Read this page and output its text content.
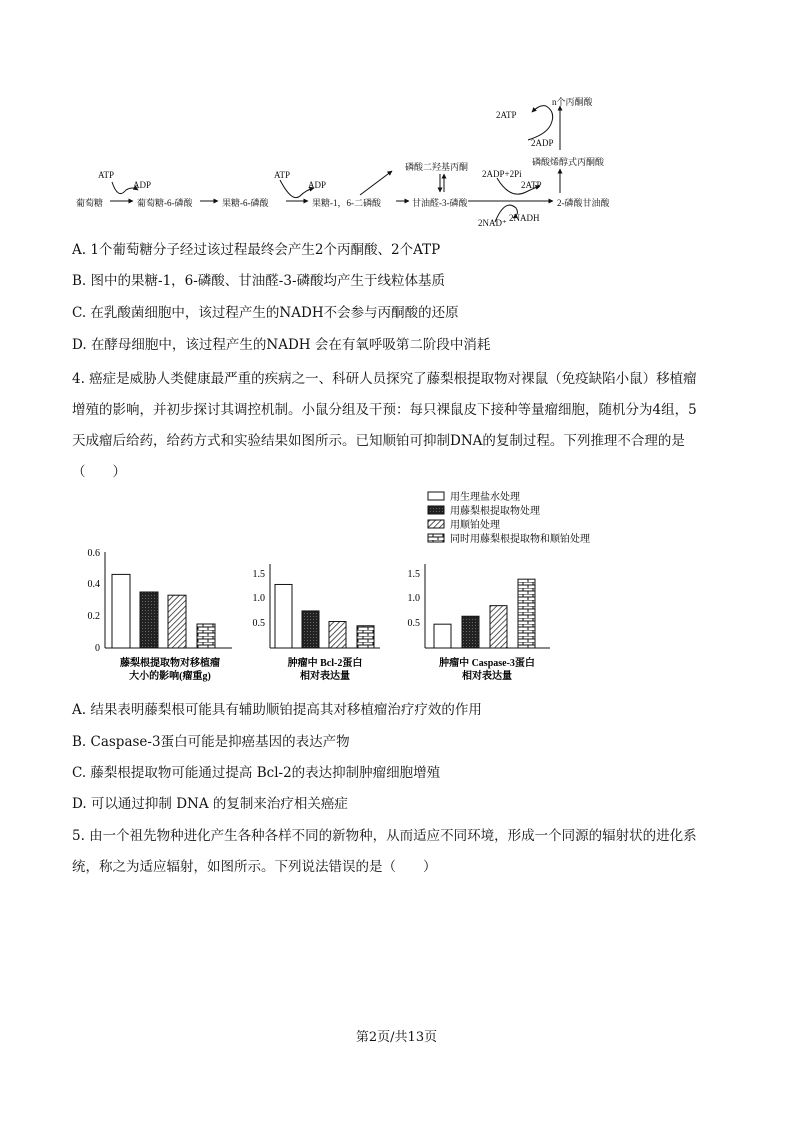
葡萄糖	葡萄糖-6-磷酸	果糖-6-磷酸	果糖-1，6-二磷酸	甘油醛-3-磷酸
磷酸二羟基丙酮
2-磷酸甘油酸
磷酸烯醇式丙酮酸
n个丙酮酸
ATP
ADP
ATP
ADP
2ADP+2Pi
2ATP
2NAD⁺ 2NADH
2ATP
2ADP
A. 1个葡萄糖分子经过该过程最终会产生2个丙酮酸、2个ATP
B. 图中的果糖-1，6-磷酸、甘油醛-3-磷酸均产生于线粒体基质
C. 在乳酸菌细胞中，该过程产生的NADH不会参与丙酮酸的还原
D. 在酵母细胞中，该过程产生的NADH 会在有氧呼吸第二阶段中消耗
4. 癌症是威胁人类健康最严重的疾病之一、科研人员探究了藤梨根提取物对裸鼠（免疫缺陷小鼠）移植瘤
增殖的影响，并初步探讨其调控机制。小鼠分组及干预：每只裸鼠皮下接种等量瘤细胞，随机分为4组，5
天成瘤后给药，给药方式和实验结果如图所示。已知顺铂可抑制DNA的复制过程。下列推理不合理的是
（　　）
用生理盐水处理
用藤梨根提取物处理
用顺铂处理
同时用藤梨根提取物和顺铂处理
0.6
0.4
0.2
0
藤梨根提取物对移植瘤
大小的影响(瘤重g)
1.5
1.0
0.5
肿瘤中 Bcl-2蛋白
相对表达量
1.5
1.0
0.5
肿瘤中 Caspase-3蛋白
相对表达量
A. 结果表明藤梨根可能具有辅助顺铂提高其对移植瘤治疗疗效的作用
B. Caspase-3蛋白可能是抑癌基因的表达产物
C. 藤梨根提取物可能通过提高 Bcl-2的表达抑制肿瘤细胞增殖
D. 可以通过抑制 DNA 的复制来治疗相关癌症
5. 由一个祖先物种进化产生各种各样不同的新物种，从而适应不同环境，形成一个同源的辐射状的进化系
统，称之为适应辐射，如图所示。下列说法错误的是（　　）
第2页/共13页
